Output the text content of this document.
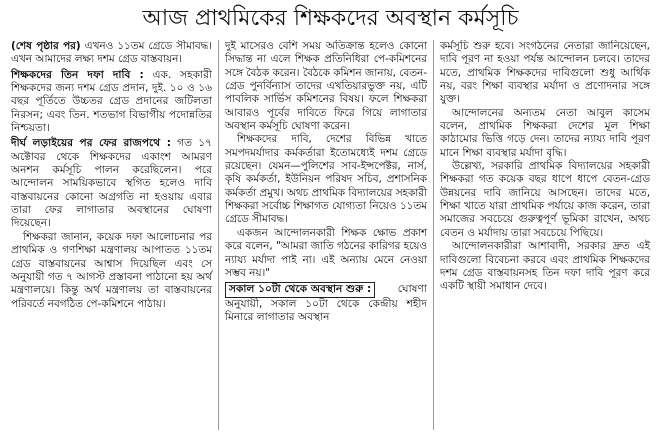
আজ প্রাথমিকের শিক্ষকদের অবস্থান কর্মসূচি

(শেষ পৃষ্ঠার পর) এখনও ১১তম গ্রেডে সীমাবদ্ধ। এখন আমাদের লক্ষ্য দশম গ্রেড বাস্তবায়ন।

শিক্ষকদের তিন দফা দাবি : এক. সহকারী শিক্ষকদের জন্য দশম গ্রেড প্রদান, দুই. ১০ ও ১৬ বছর পূর্তিতে উচ্চতর গ্রেড প্রদানের জটিলতা নিরসন; এবং তিন. শতভাগ বিভাগীয় পদোন্নতির নিশ্চয়তা।

দীর্ঘ লড়াইয়ের পর ফের রাজপথে : গত ১৭ অক্টোবর থেকে শিক্ষকদের একাংশ আমরণ অনশন কর্মসূচি পালন করেছিলেন। পরে আন্দোলন সাময়িকভাবে স্থগিত হলেও দাবি বাস্তবায়নের কোনো অগ্রগতি না হওয়ায় এবার তারা ফের লাগাতার অবস্থানের ঘোষণা দিয়েছেন।

শিক্ষকরা জানান, কয়েক দফা আলোচনার পর প্রাথমিক ও গণশিক্ষা মন্ত্রণালয় আপাতত ১১তম গ্রেড বাস্তবায়নের আশ্বাস দিয়েছিল এবং সে অনুযায়ী গত ৭ আগস্ট প্রস্তাবনা পাঠানো হয় অর্থ মন্ত্রণালয়ে। কিন্তু অর্থ মন্ত্রণালয় তা বাস্তবায়নের পরিবর্তে নবগঠিত পে-কমিশনে পাঠায়।

দুই মাসেরও বেশি সময় অতিক্রান্ত হলেও কোনো সিদ্ধান্ত না এলে শিক্ষক প্রতিনিধিরা পে-কমিশনের সঙ্গে বৈঠক করেন। বৈঠকে কমিশন জানায়, বেতন-গ্রেড পুনর্বিন্যাস তাদের এখতিয়ারভুক্ত নয়, এটি পাবলিক সার্ভিস কমিশনের বিষয়। ফলে শিক্ষকরা আবারও পূর্বের দাবিতে ফিরে গিয়ে লাগাতার অবস্থান কর্মসূচি ঘোষণা করেন।

শিক্ষকদের দাবি, দেশের বিভিন্ন খাতে সমপদমর্যাদার কর্মকর্তারা ইতোমধ্যেই দশম গ্রেডে রয়েছেন। যেমন—পুলিশের সাব-ইন্সপেক্টর, নার্স, কৃষি কর্মকর্তা, ইউনিয়ন পরিষদ সচিব, প্রশাসনিক কর্মকর্তা প্রমুখ। অথচ প্রাথমিক বিদ্যালয়ের সহকারী শিক্ষকরা সর্বোচ্চ শিক্ষাগত যোগ্যতা নিয়েও ১১তম গ্রেডে সীমাবদ্ধ।

একজন আন্দোলনকারী শিক্ষক ক্ষোভ প্রকাশ করে বলেন, "আমরা জাতি গঠনের কারিগর হয়েও ন্যায্য মর্যাদা পাই না। এই অন্যায় মেনে নেওয়া সম্ভব নয়।"

সকাল ১০টা থেকে অবস্থান শুরু : ঘোষণা অনুযায়ী, সকাল ১০টা থেকে কেন্দ্রীয় শহীদ মিনারে লাগাতার অবস্থান

কর্মসূচি শুরু হবে। সংগঠনের নেতারা জানিয়েছেন, দাবি পূরণ না হওয়া পর্যন্ত আন্দোলন চলবে। তাদের মতে, প্রাথমিক শিক্ষকদের দাবিগুলো শুধু আর্থিক নয়, বরং শিক্ষা ব্যবস্থার মর্যাদা ও প্রণোদনার সঙ্গে যুক্ত।

আন্দোলনের অন্যতম নেতা আবুল কাসেম বলেন, প্রাথমিক শিক্ষকরা দেশের মূল শিক্ষা কাঠামোর ভিত্তি গড়ে দেন। তাদের ন্যায্য দাবি পূরণ মানে শিক্ষা ব্যবস্থার মর্যাদা বৃদ্ধি।

উল্লেখ্য, সরকারি প্রাথমিক বিদ্যালয়ের সহকারী শিক্ষকরা গত কয়েক বছর ধাপে ধাপে বেতন-গ্রেড উন্নয়নের দাবি জানিয়ে আসছেন। তাদের মতে, শিক্ষা খাতে যারা প্রাথমিক পর্যায়ে কাজ করেন, তারা সমাজের সবচেয়ে গুরুত্বপূর্ণ ভূমিকা রাখেন, অথচ বেতন ও মর্যাদায় তারা সবচেয়ে পিছিয়ে।

আন্দোলনকারীরা আশাবাদী, সরকার দ্রুত এই দাবিগুলো বিবেচনা করবে এবং প্রাথমিক শিক্ষকদের দশম গ্রেড বাস্তবায়নসহ তিন দফা দাবি পূরণ করে একটি স্থায়ী সমাধান দেবে।
